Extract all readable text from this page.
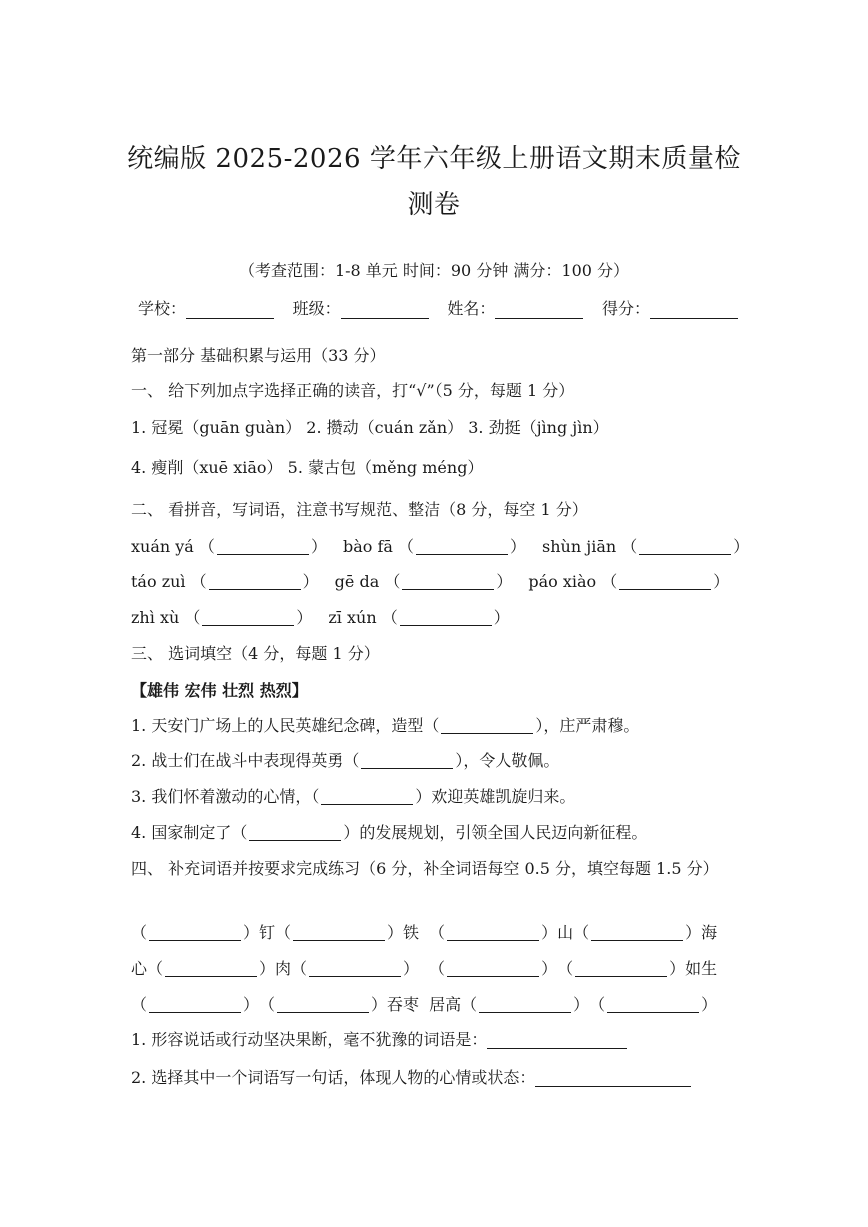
统编版 2025-2026 学年六年级上册语文期末质量检
测卷
（考查范围：1-8 单元 时间：90 分钟 满分：100 分）
学校：	班级：	姓名：	得分：
第一部分 基础积累与运用（33 分）
一、 给下列加点字选择正确的读音，打“√”（5 分，每题 1 分）
1. 冠冕（guān guàn） 2. 攒动（cuán zǎn） 3. 劲挺（jìng jìn）
4. 瘦削（xuē xiāo） 5. 蒙古包（měng méng）
二、 看拼音，写词语，注意书写规范、整洁（8 分，每空 1 分）
xuán yá （	） bào fā （	） shùn jiān （	）
táo zuì （	） gē da （	） páo xiào （	）
zhì xù （	） zī xún （	）
三、 选词填空（4 分，每题 1 分）
【雄伟 宏伟 壮烈 热烈】
1. 天安门广场上的人民英雄纪念碑，造型（	），庄严肃穆。
2. 战士们在战斗中表现得英勇（	），令人敬佩。
3. 我们怀着激动的心情，（	）欢迎英雄凯旋归来。
4. 国家制定了（	）的发展规划，引领全国人民迈向新征程。
四、 补充词语并按要求完成练习（6 分，补全词语每空 0.5 分，填空每题 1.5 分）
（	）钉（	）铁 （	）山（	）海
心（	）肉（	） （	） （	）如生
（	） （	）吞枣 居高（	） （	）
1. 形容说话或行动坚决果断，毫不犹豫的词语是：
2. 选择其中一个词语写一句话，体现人物的心情或状态：
